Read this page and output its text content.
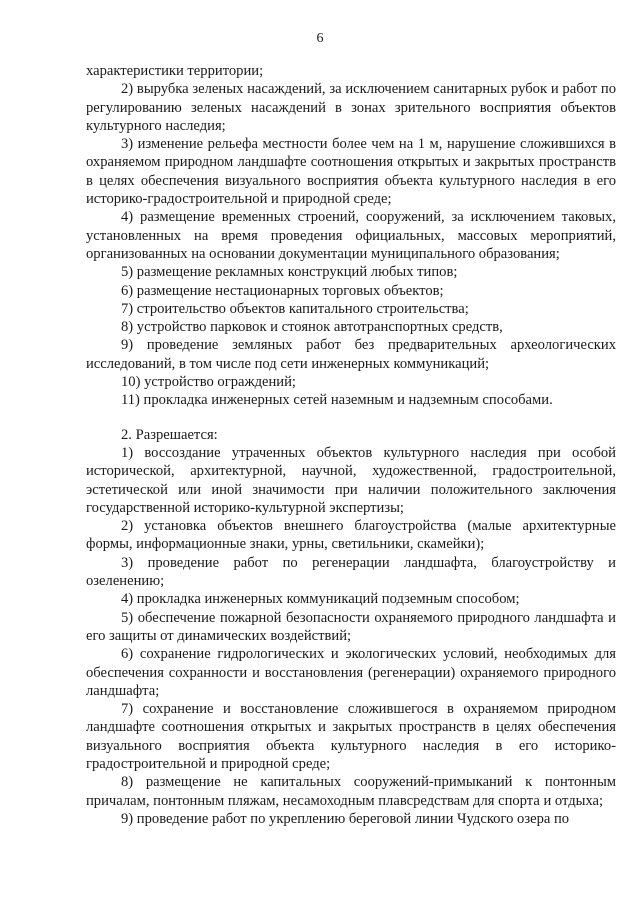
6

характеристики территории;

2) вырубка зеленых насаждений, за исключением санитарных рубок и работ по регулированию зеленых насаждений в зонах зрительного восприятия объектов культурного наследия;

3) изменение рельефа местности более чем на 1 м, нарушение сложившихся в охраняемом природном ландшафте соотношения открытых и закрытых пространств в целях обеспечения визуального восприятия объекта культурного наследия в его историко-градостроительной и природной среде;

4) размещение временных строений, сооружений, за исключением таковых, установленных на время проведения официальных, массовых мероприятий, организованных на основании документации муниципального образования;

5) размещение рекламных конструкций любых типов;

6) размещение нестационарных торговых объектов;

7) строительство объектов капитального строительства;

8) устройство парковок и стоянок автотранспортных средств,

9) проведение земляных работ без предварительных археологических исследований, в том числе под сети инженерных коммуникаций;

10) устройство ограждений;

11) прокладка инженерных сетей наземным и надземным способами.

2. Разрешается:

1) воссоздание утраченных объектов культурного наследия при особой исторической, архитектурной, научной, художественной, градостроительной, эстетической или иной значимости при наличии положительного заключения государственной историко-культурной экспертизы;

2) установка объектов внешнего благоустройства (малые архитектурные формы, информационные знаки, урны, светильники, скамейки);

3) проведение работ по регенерации ландшафта, благоустройству и озеленению;

4) прокладка инженерных коммуникаций подземным способом;

5) обеспечение пожарной безопасности охраняемого природного ландшафта и его защиты от динамических воздействий;

6) сохранение гидрологических и экологических условий, необходимых для обеспечения сохранности и восстановления (регенерации) охраняемого природного ландшафта;

7) сохранение и восстановление сложившегося в охраняемом природном ландшафте соотношения открытых и закрытых пространств в целях обеспечения визуального восприятия объекта культурного наследия в его историко-градостроительной и природной среде;

8) размещение не капитальных сооружений-примыканий к понтонным причалам, понтонным пляжам, несамоходным плавсредствам для спорта и отдыха;

9) проведение работ по укреплению береговой линии Чудского озера по
